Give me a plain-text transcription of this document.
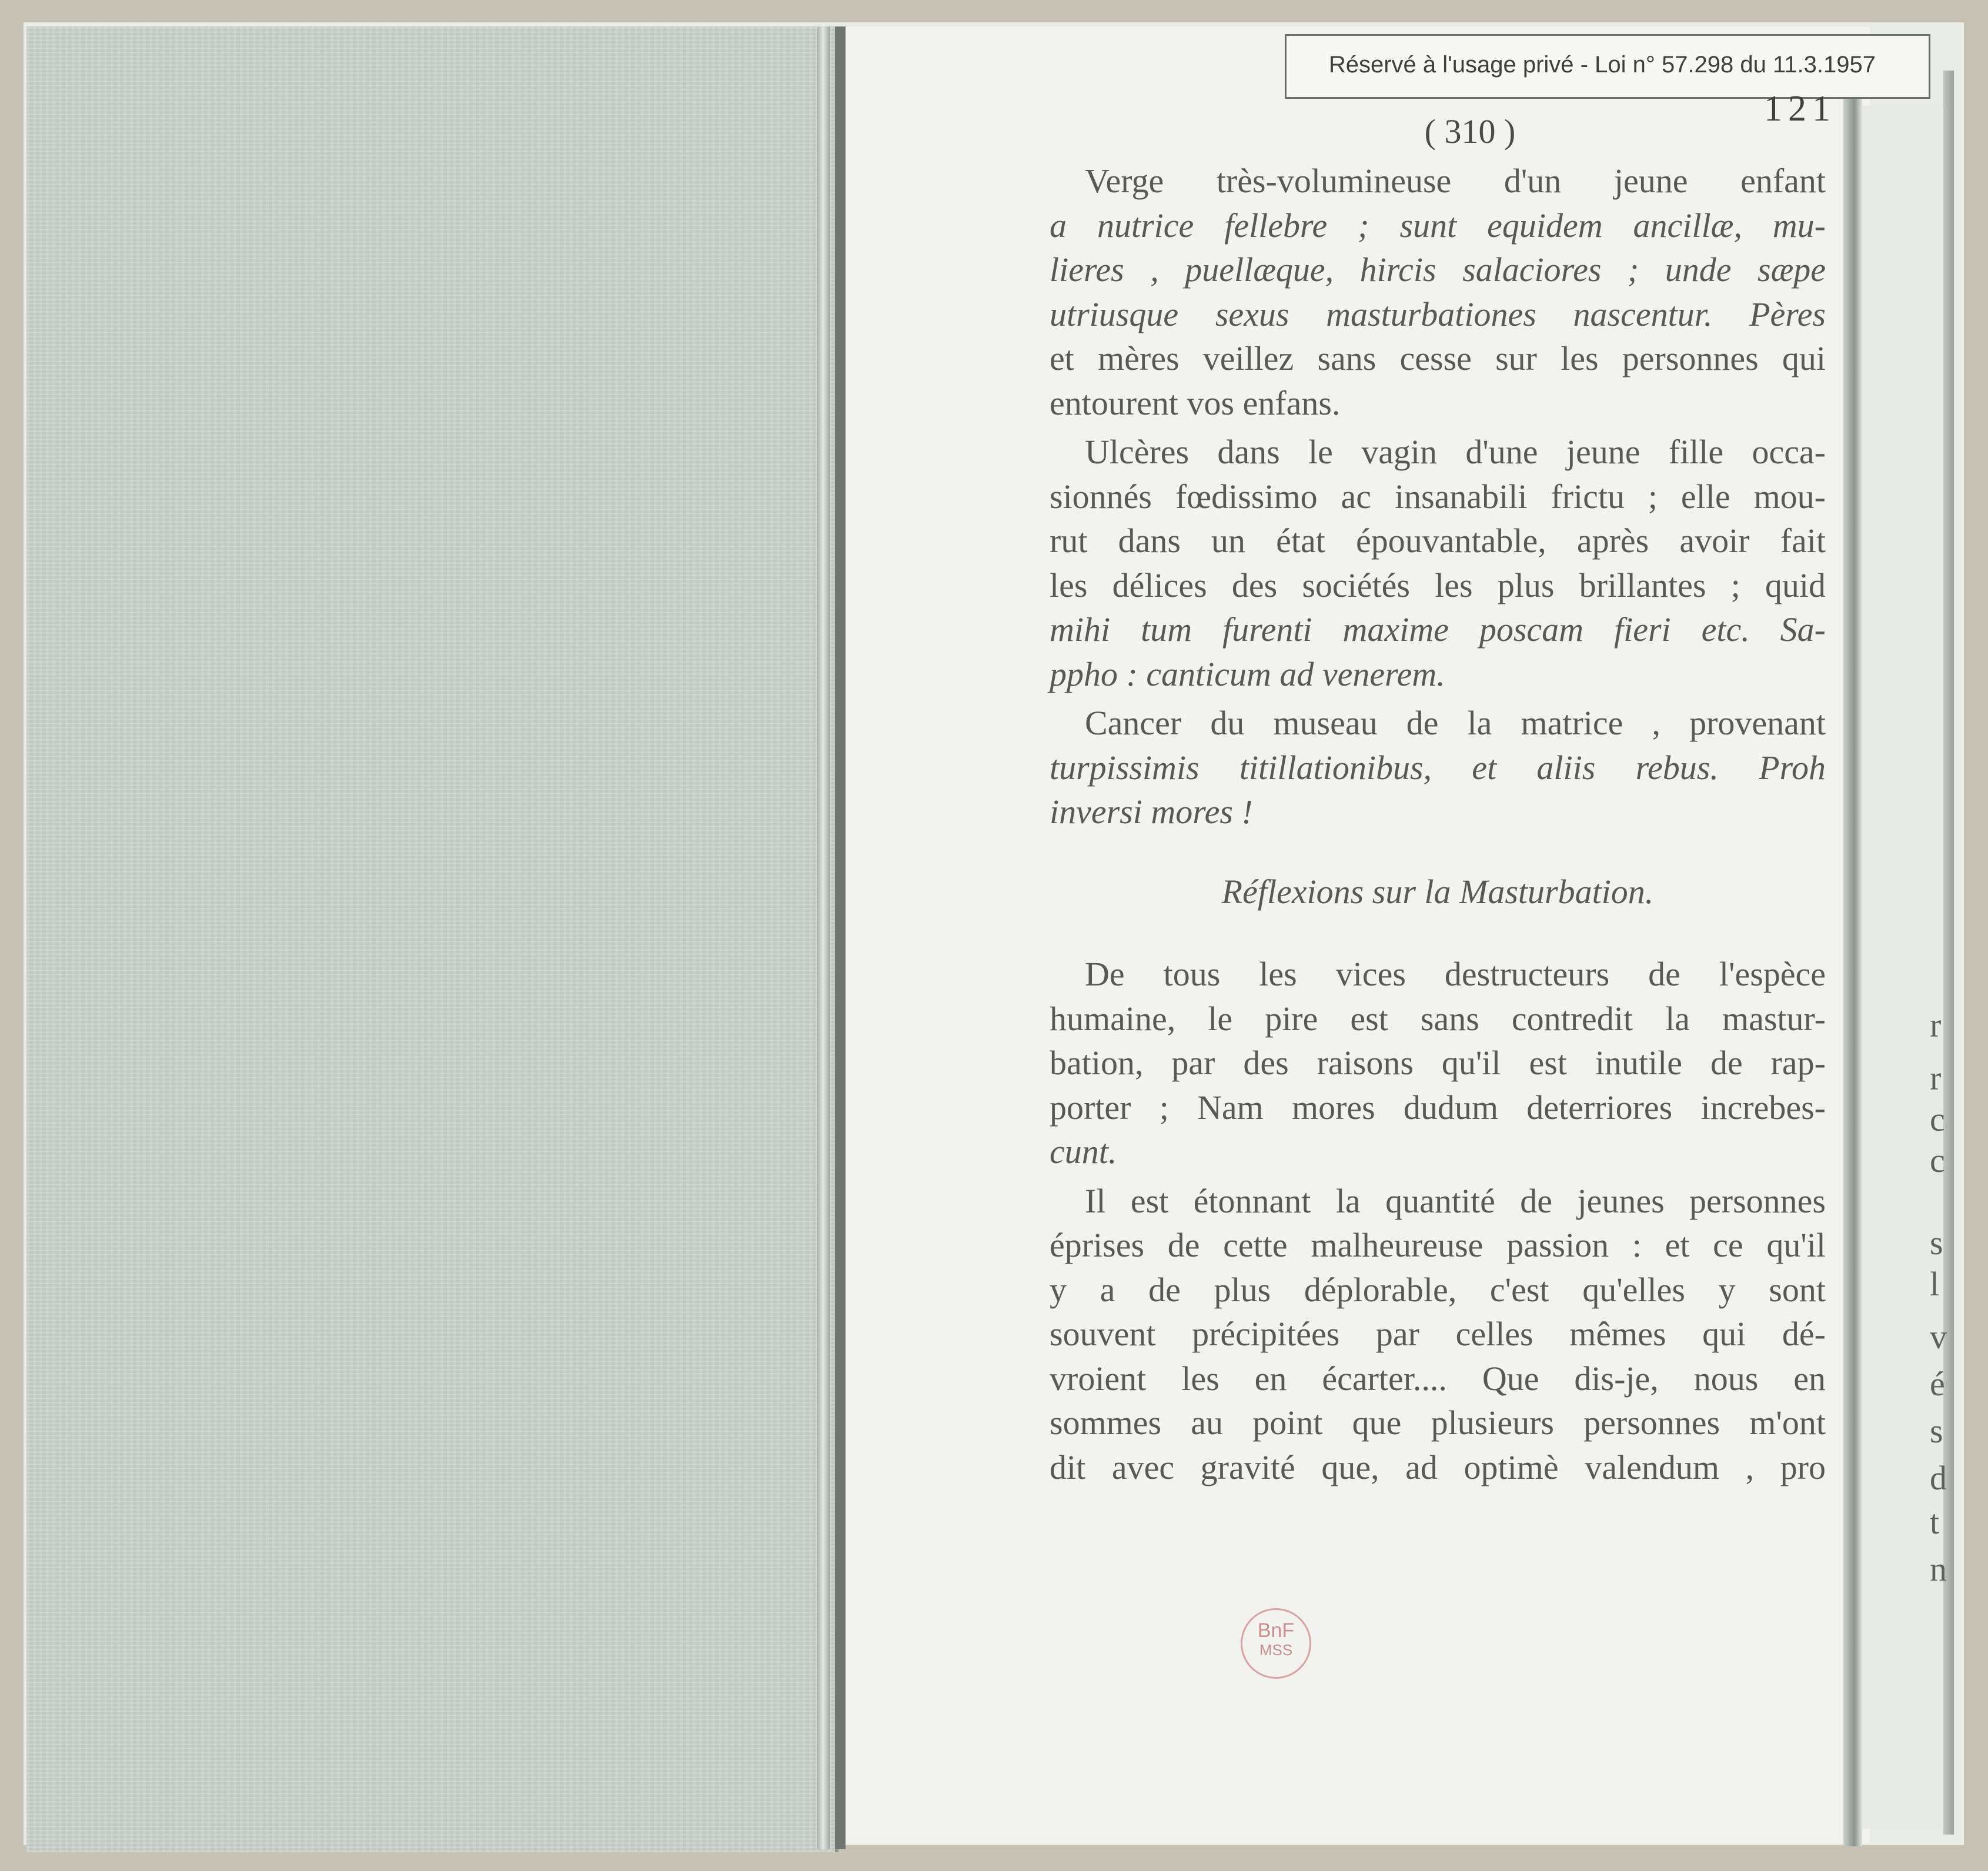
r
r
c
c
s
l
v
é
s
d
t
n
Réservé à l'usage privé - Loi n° 57.298 du 11.3.1957
121
( 310 )
Verge très-volumineuse d'un jeune enfant
a nutrice fellebre ; sunt equidem ancillæ, mu-
lieres , puellæque, hircis salaciores ; unde sæpe
utriusque sexus masturbationes nascentur. Pères
et mères veillez sans cesse sur les personnes qui
entourent vos enfans.
Ulcères dans le vagin d'une jeune fille occa-
sionnés fœdissimo ac insanabili frictu ; elle mou-
rut dans un état épouvantable, après avoir fait
les délices des sociétés les plus brillantes ; quid
mihi tum furenti maxime poscam fieri etc. Sa-
ppho : canticum ad venerem.
Cancer du museau de la matrice , provenant
turpissimis titillationibus, et aliis rebus. Proh
inversi mores !
Réflexions sur la Masturbation.
De tous les vices destructeurs de l'espèce
humaine, le pire est sans contredit la mastur-
bation, par des raisons qu'il est inutile de rap-
porter ; Nam mores dudum deterriores increbes-
cunt.
Il est étonnant la quantité de jeunes personnes
éprises de cette malheureuse passion : et ce qu'il
y a de plus déplorable, c'est qu'elles y sont
souvent précipitées par celles mêmes qui dé-
vroient les en écarter.... Que dis-je, nous en
sommes au point que plusieurs personnes m'ont
dit avec gravité que, ad optimè valendum , pro
BnF
MSS
